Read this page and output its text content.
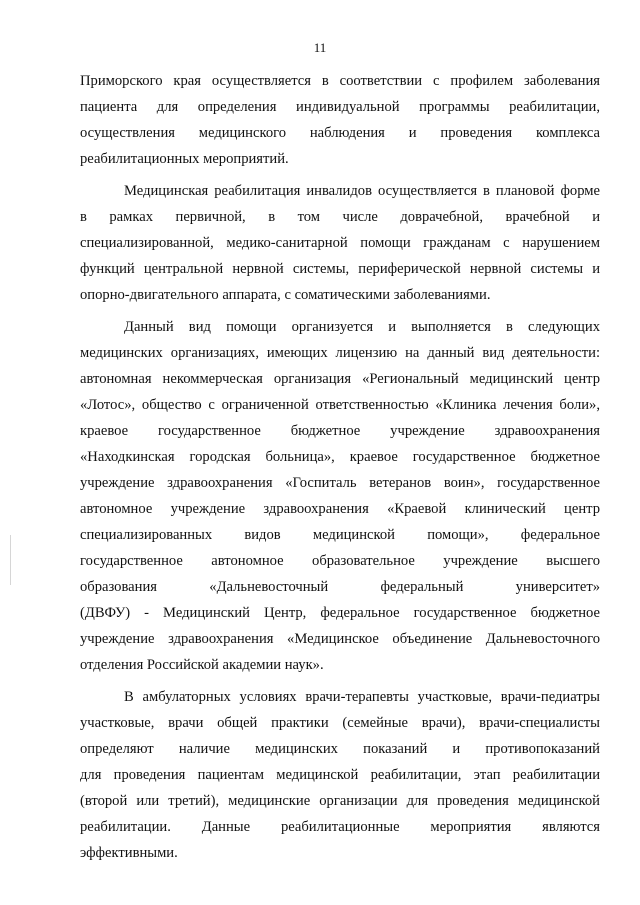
11
Приморского края осуществляется в соответствии с профилем заболевания
пациента для определения индивидуальной программы реабилитации,
осуществления медицинского наблюдения и проведения комплекса
реабилитационных мероприятий.
Медицинская реабилитация инвалидов осуществляется в плановой форме
в рамках первичной, в том числе доврачебной, врачебной и
специализированной, медико-санитарной помощи гражданам с нарушением
функций центральной нервной системы, периферической нервной системы и
опорно-двигательного аппарата, с соматическими заболеваниями.
Данный вид помощи организуется и выполняется в следующих
медицинских организациях, имеющих лицензию на данный вид деятельности:
автономная некоммерческая организация «Региональный медицинский центр
«Лотос», общество с ограниченной ответственностью «Клиника лечения боли»,
краевое государственное бюджетное учреждение здравоохранения
«Находкинская городская больница», краевое государственное бюджетное
учреждение здравоохранения «Госпиталь ветеранов воин», государственное
автономное учреждение здравоохранения «Краевой клинический центр
специализированных видов медицинской помощи», федеральное
государственное автономное образовательное учреждение высшего
образования «Дальневосточный федеральный университет»
(ДВФУ) - Медицинский Центр, федеральное государственное бюджетное
учреждение здравоохранения «Медицинское объединение Дальневосточного
отделения Российской академии наук».
В амбулаторных условиях врачи-терапевты участковые, врачи-педиатры
участковые, врачи общей практики (семейные врачи), врачи-специалисты
определяют наличие медицинских показаний и противопоказаний
для проведения пациентам медицинской реабилитации, этап реабилитации
(второй или третий), медицинские организации для проведения медицинской
реабилитации. Данные реабилитационные мероприятия являются
эффективными.
